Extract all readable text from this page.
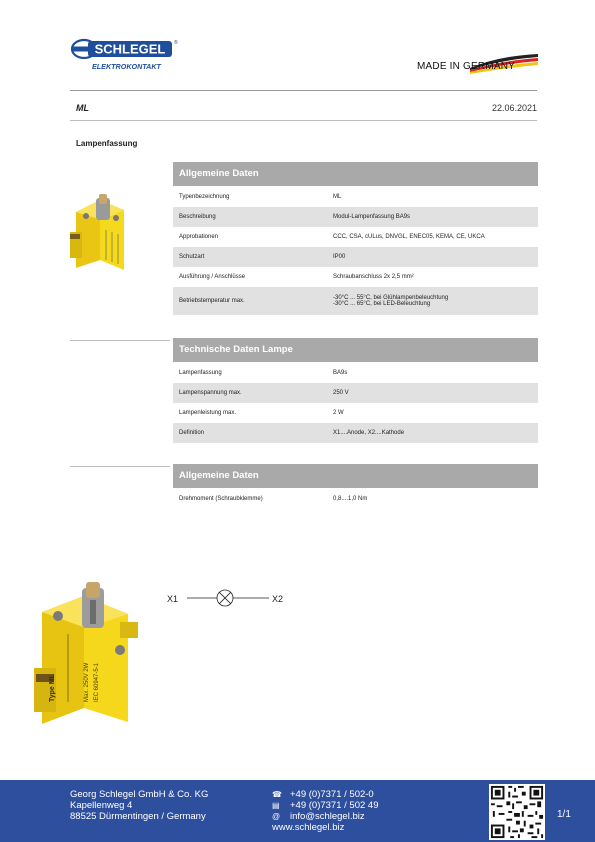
SCHLEGEL ®
ELEKTROKONTAKT	MADE IN GERMANY
ML	22.06.2021
Lampenfassung
Allgemeine Daten
Typenbezeichnung	ML
Beschreibung	Modul-Lampenfassung BA9s
Approbationen	CCC, CSA, cULus, DNVGL, ENEC05, KEMA, CE, UKCA
Schutzart	IP00
Ausführung / Anschlüsse	Schraubanschluss 2x 2,5 mm²
Betriebstemperatur max.	-30°C ... 55°C, bei Glühlampenbeleuchtung
-30°C ... 65°C, bei LED-Beleuchtung
Technische Daten Lampe
Lampenfassung	BA9s
Lampenspannung max.	250 V
Lampenleistung max.	2 W
Definition	X1....Anode, X2....Kathode
Allgemeine Daten
Drehmoment (Schraubklemme)	0,8....1,0 Nm
Max. 250V 2W IEC 60947-5-1
Type ML
X1	X2
Georg Schlegel GmbH & Co. KG
Kapellenweg 4
88525 Dürmentingen / Germany
☎ +49 (0)7371 / 502-0
▤	+49 (0)7371 / 502 49
@	info@schlegel.biz
www.schlegel.biz
1/1
